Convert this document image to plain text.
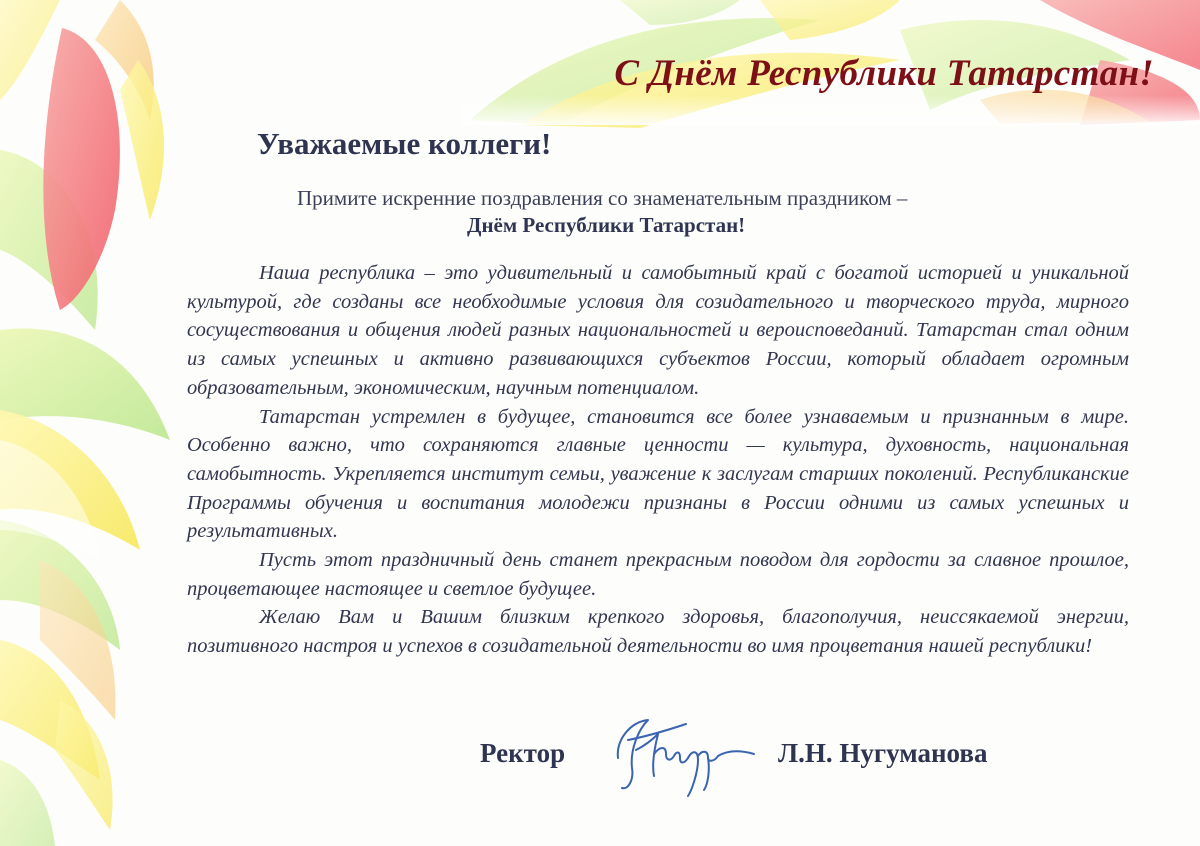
С Днём Республики Татарстан!
Уважаемые коллеги!
Примите искренние поздравления со знаменательным праздником –
Днём Республики Татарстан!

Наша республика – это удивительный и самобытный край с богатой историей и уникальной культурой, где созданы все необходимые условия для созидательного и творческого труда, мирного сосуществования и общения людей разных национальностей и вероисповеданий. Татарстан стал одним из самых успешных и активно развивающихся субъектов России, который обладает огромным образовательным, экономическим, научным потенциалом.

Татарстан устремлен в будущее, становится все более узнаваемым и признанным в мире. Особенно важно, что сохраняются главные ценности — культура, духовность, национальная самобытность. Укрепляется институт семьи, уважение к заслугам старших поколений. Республиканские Программы обучения и воспитания молодежи признаны в России одними из самых успешных и результативных.

Пусть этот праздничный день станет прекрасным поводом для гордости за славное прошлое, процветающее настоящее и светлое будущее.

Желаю Вам и Вашим близким крепкого здоровья, благополучия, неиссякаемой энергии, позитивного настроя и успехов в созидательной деятельности во имя процветания нашей республики!

Ректор	Л.Н. Нугуманова
